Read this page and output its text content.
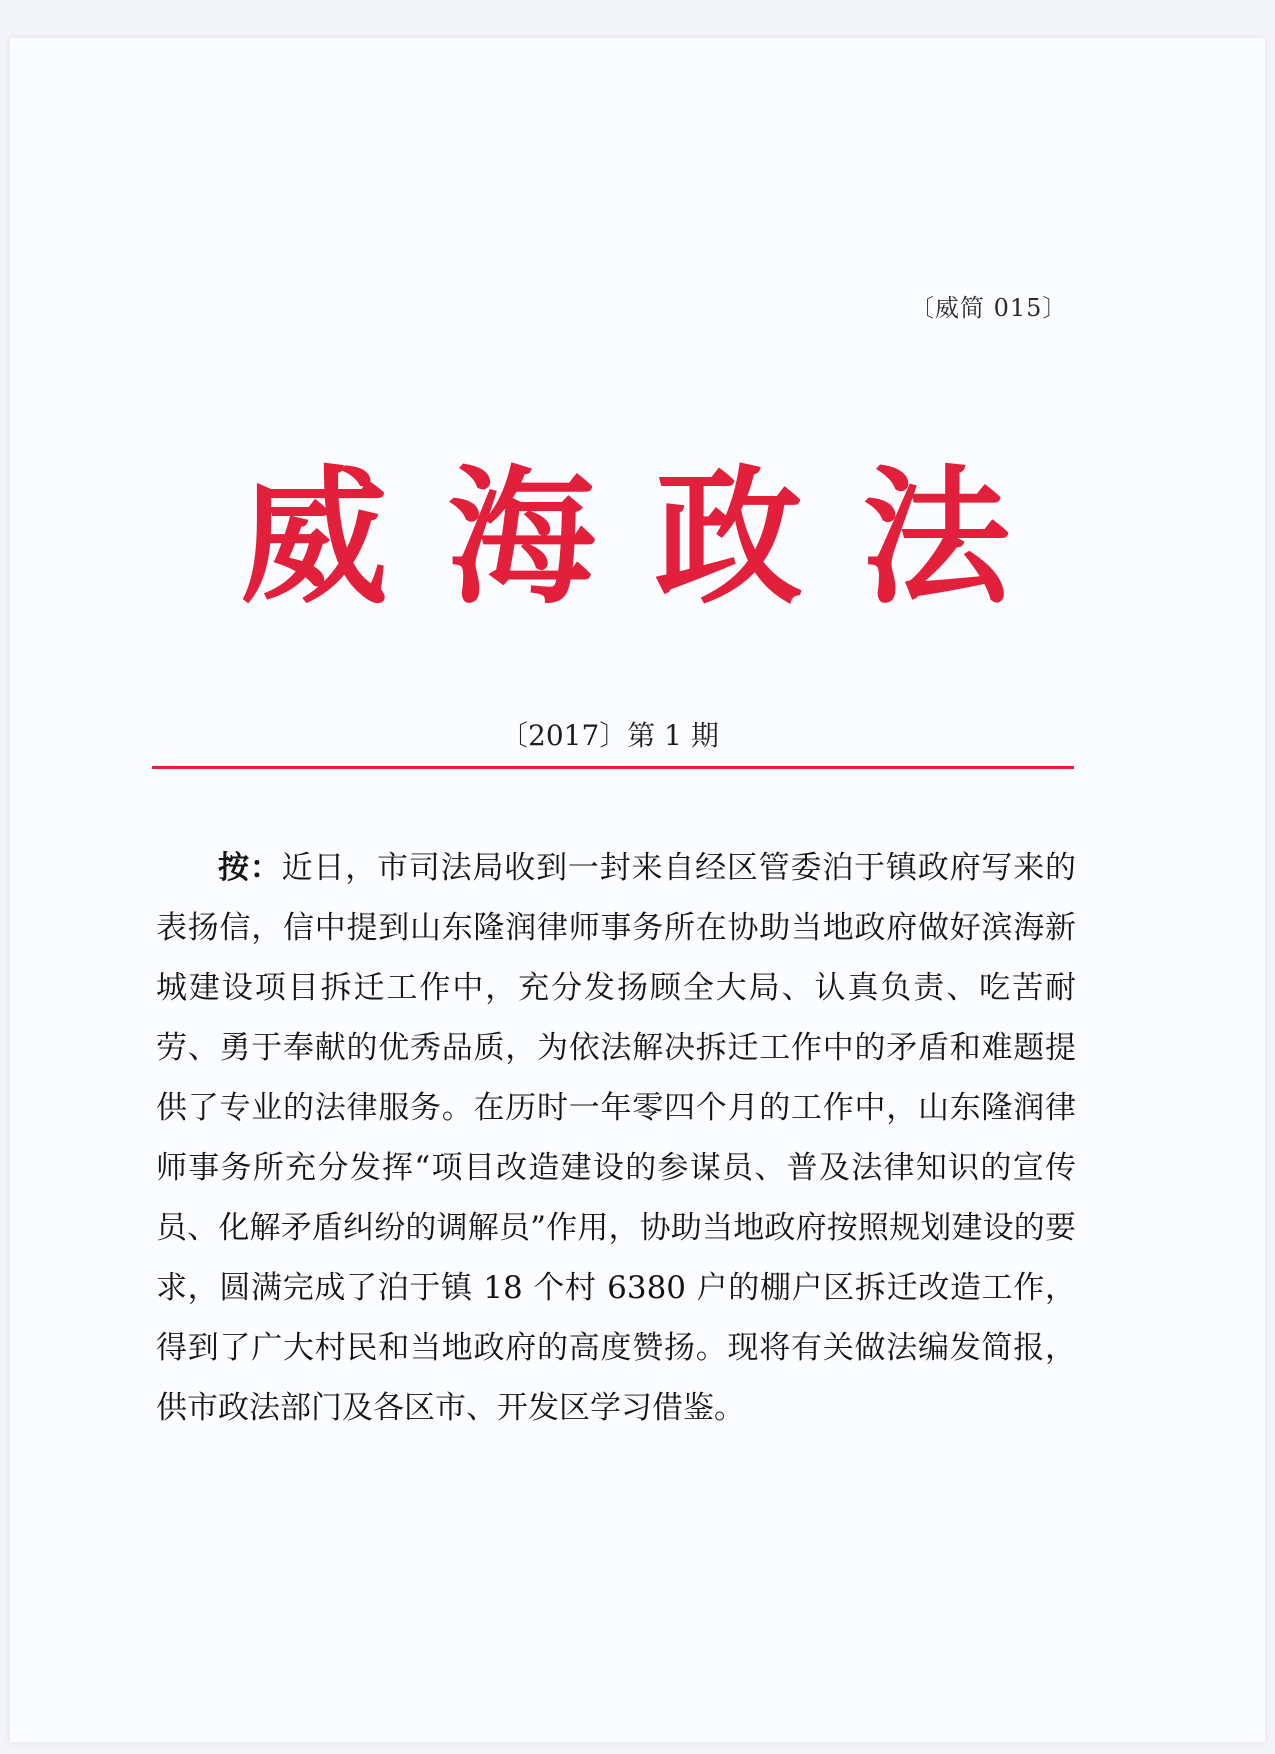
〔威简 015〕
威 海 政 法
〔2017〕第 1 期
按：近日，市司法局收到一封来自经区管委泊于镇政府写来的表扬信，信中提到山东隆润律师事务所在协助当地政府做好滨海新城建设项目拆迁工作中，充分发扬顾全大局、认真负责、吃苦耐劳、勇于奉献的优秀品质，为依法解决拆迁工作中的矛盾和难题提供了专业的法律服务。在历时一年零四个月的工作中，山东隆润律师事务所充分发挥“项目改造建设的参谋员、普及法律知识的宣传员、化解矛盾纠纷的调解员”作用，协助当地政府按照规划建设的要求，圆满完成了泊于镇 18 个村 6380 户的棚户区拆迁改造工作，得到了广大村民和当地政府的高度赞扬。现将有关做法编发简报，供市政法部门及各区市、开发区学习借鉴。
